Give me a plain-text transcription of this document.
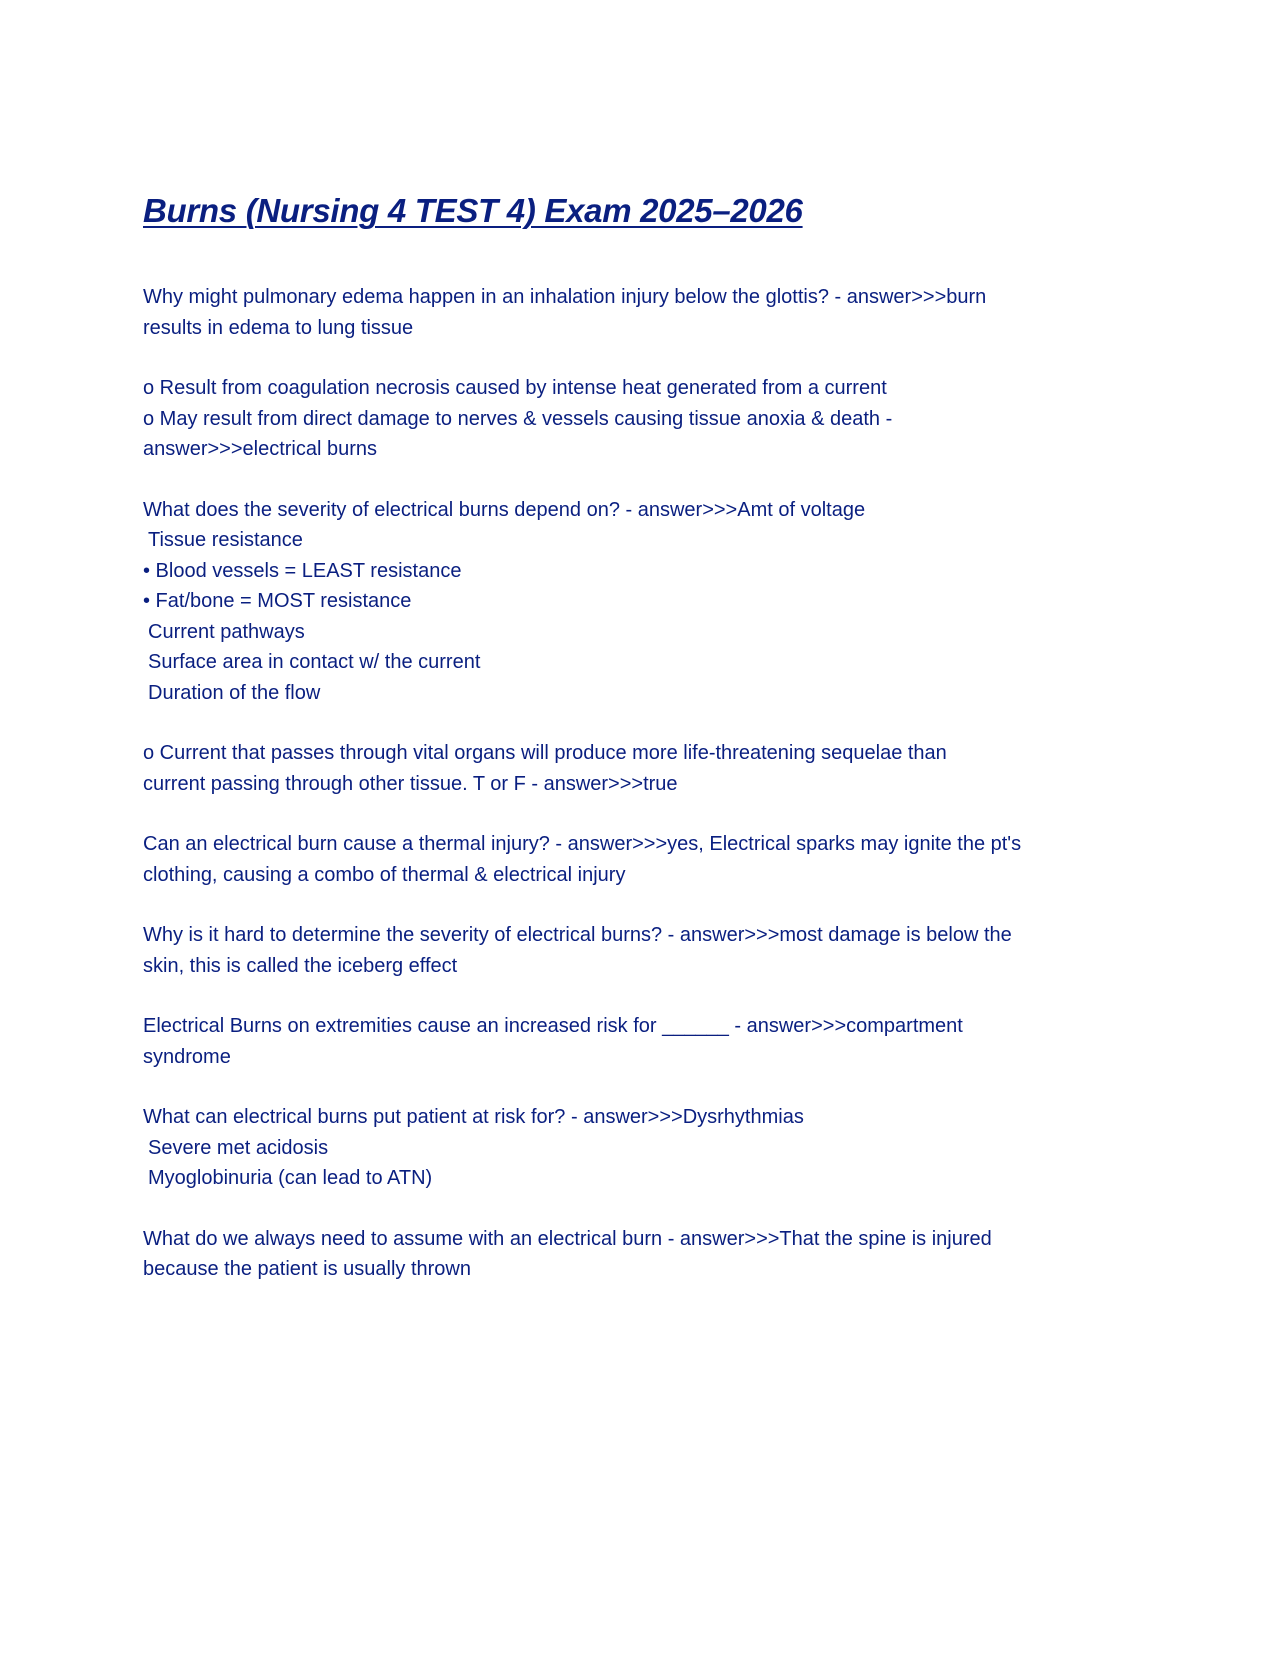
Burns (Nursing 4 TEST 4) Exam 2025–2026
Why might pulmonary edema happen in an inhalation injury below the glottis? - answer>>>burn
results in edema to lung tissue
o Result from coagulation necrosis caused by intense heat generated from a current
o May result from direct damage to nerves & vessels causing tissue anoxia & death -
answer>>>electrical burns
What does the severity of electrical burns depend on? - answer>>>Amt of voltage
Tissue resistance
• Blood vessels = LEAST resistance
• Fat/bone = MOST resistance
Current pathways
Surface area in contact w/ the current
Duration of the flow
o Current that passes through vital organs will produce more life-threatening sequelae than
current passing through other tissue. T or F - answer>>>true
Can an electrical burn cause a thermal injury? - answer>>>yes, Electrical sparks may ignite the pt's
clothing, causing a combo of thermal & electrical injury
Why is it hard to determine the severity of electrical burns? - answer>>>most damage is below the
skin, this is called the iceberg effect
Electrical Burns on extremities cause an increased risk for ______ - answer>>>compartment
syndrome
What can electrical burns put patient at risk for? - answer>>>Dysrhythmias
Severe met acidosis
Myoglobinuria (can lead to ATN)
What do we always need to assume with an electrical burn - answer>>>That the spine is injured
because the patient is usually thrown
